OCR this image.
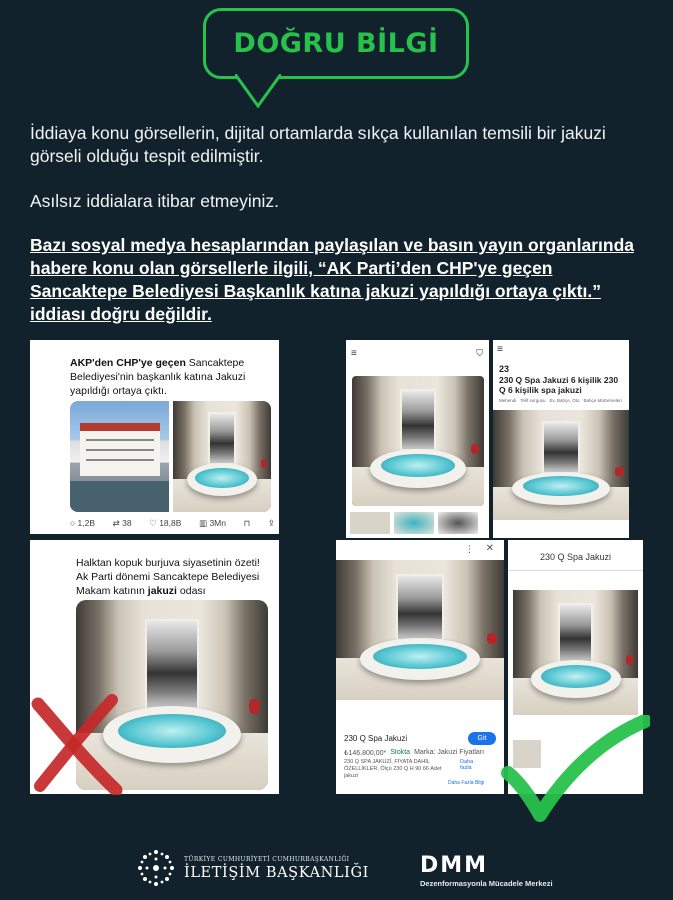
DOĞRU BİLGİ

İddiaya konu görsellerin, dijital ortamlarda sıkça kullanılan temsili bir jakuzi görseli olduğu tespit edilmiştir.

Asılsız iddialara itibar etmeyiniz.

Bazı sosyal medya hesaplarından paylaşılan ve basın yayın organlarında habere konu olan görsellerle ilgili, “AK Parti’den CHP'ye geçen Sancaktepe Belediyesi Başkanlık katına jakuzi yapıldığı ortaya çıktı.” iddiası doğru değildir.

AKP'den CHP'ye geçen Sancaktepe Belediyesi'nin başkanlık katına Jakuzi yapıldığı ortaya çıktı.
○ 1,2B ⇄ 38 ♡ 18,8B ▥ 3Mn ⊓ ⇪
Halktan kopuk burjuva siyasetinin özeti!
Ak Parti dönemi Sancaktepe Belediyesi
Makam katının jakuzi odası
≡	⛉ ≡
23
230 Q Spa Jakuzi 6 kişilik 230 Q 6 kişilik spa jakuzi
Mehendi Telif sorgusu Ev, Bahçe, Oto Bahçe Malzemeleri
⋮ ✕
230 Q Spa Jakuzi	Git
₺146.800,00* Stokta Marka: Jakuzi Fiyatları
230 Q SPA JAKUZİ, FİYATA DAHİL ÖZELLİKLER, Ölçü 230 Q H 90 66 Adet jakuzi
Daha fazla
Daha Fazla Bilgi
230 Q Spa Jakuzi
TÜRKİYE CUMHURİYETİ CUMHURBAŞKANLIĞI
İLETİŞİM BAŞKANLIĞI DMM
Dezenformasyonla Mücadele Merkezi
